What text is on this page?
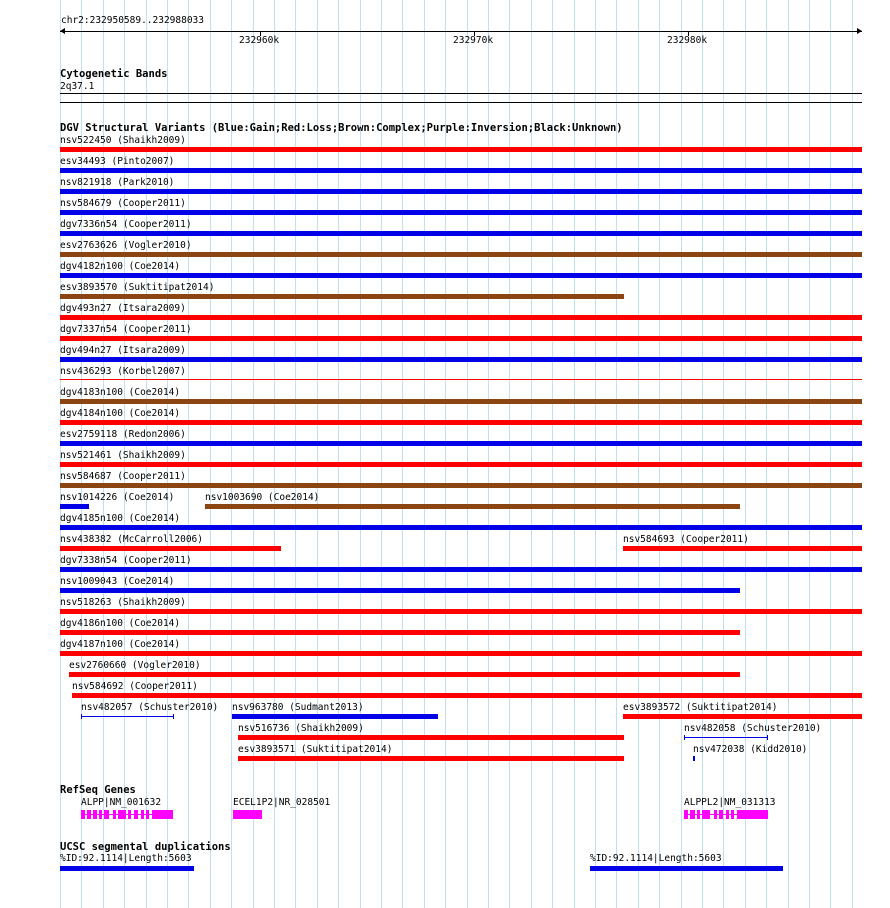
chr2:232950589..232988033
232960k	232970k	232980k
Cytogenetic Bands
2q37.1
DGV Structural Variants (Blue:Gain;Red:Loss;Brown:Complex;Purple:Inversion;Black:Unknown)
nsv522450 (Shaikh2009)
esv34493 (Pinto2007)
nsv821918 (Park2010)
nsv584679 (Cooper2011)
dgv7336n54 (Cooper2011)
esv2763626 (Vogler2010)
dgv4182n100 (Coe2014)
esv3893570 (Suktitipat2014)
dgv493n27 (Itsara2009)
dgv7337n54 (Cooper2011)
dgv494n27 (Itsara2009)
nsv436293 (Korbel2007)
dgv4183n100 (Coe2014)
dgv4184n100 (Coe2014)
esv2759118 (Redon2006)
nsv521461 (Shaikh2009)
nsv584687 (Cooper2011)
nsv1014226 (Coe2014)	nsv1003690 (Coe2014)
dgv4185n100 (Coe2014)
nsv438382 (McCarroll2006)	nsv584693 (Cooper2011)
dgv7338n54 (Cooper2011)
nsv1009043 (Coe2014)
nsv518263 (Shaikh2009)
dgv4186n100 (Coe2014)
dgv4187n100 (Coe2014)
esv2760660 (Vogler2010)
nsv584692 (Cooper2011)
nsv482057 (Schuster2010) nsv963780 (Sudmant2013)	esv3893572 (Suktitipat2014)
nsv516736 (Shaikh2009)	nsv482058 (Schuster2010)
esv3893571 (Suktitipat2014)	nsv472038 (Kidd2010)
RefSeq Genes
ALPP|NM_001632	ECEL1P2|NR_028501	ALPPL2|NM_031313
UCSC segmental duplications
%ID:92.1114|Length:5603	%ID:92.1114|Length:5603
